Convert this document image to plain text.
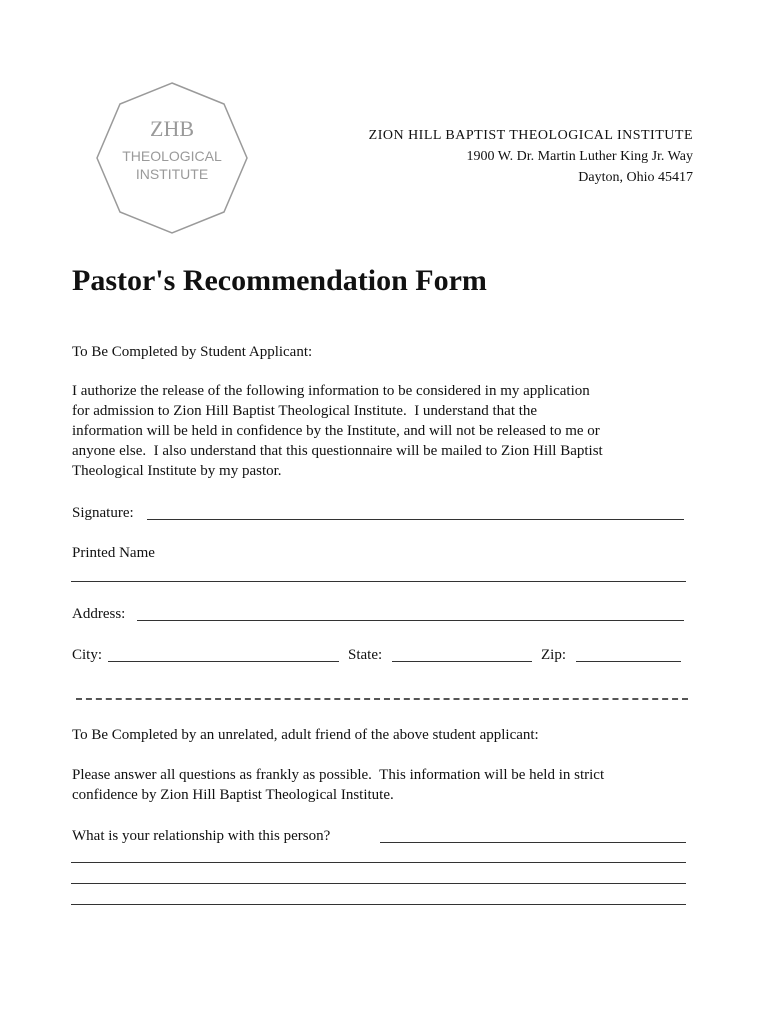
ZHB
THEOLOGICAL
INSTITUTE
ZION HILL BAPTIST THEOLOGICAL INSTITUTE
1900 W. Dr. Martin Luther King Jr. Way
Dayton, Ohio 45417
Pastor's Recommendation Form
To Be Completed by Student Applicant:
I authorize the release of the following information to be considered in my application
for admission to Zion Hill Baptist Theological Institute.  I understand that the
information will be held in confidence by the Institute, and will not be released to me or
anyone else.  I also understand that this questionnaire will be mailed to Zion Hill Baptist
Theological Institute by my pastor.
Signature:
Printed Name
Address:
City:	State:	Zip:
To Be Completed by an unrelated, adult friend of the above student applicant:
Please answer all questions as frankly as possible.  This information will be held in strict
confidence by Zion Hill Baptist Theological Institute.
What is your relationship with this person?
